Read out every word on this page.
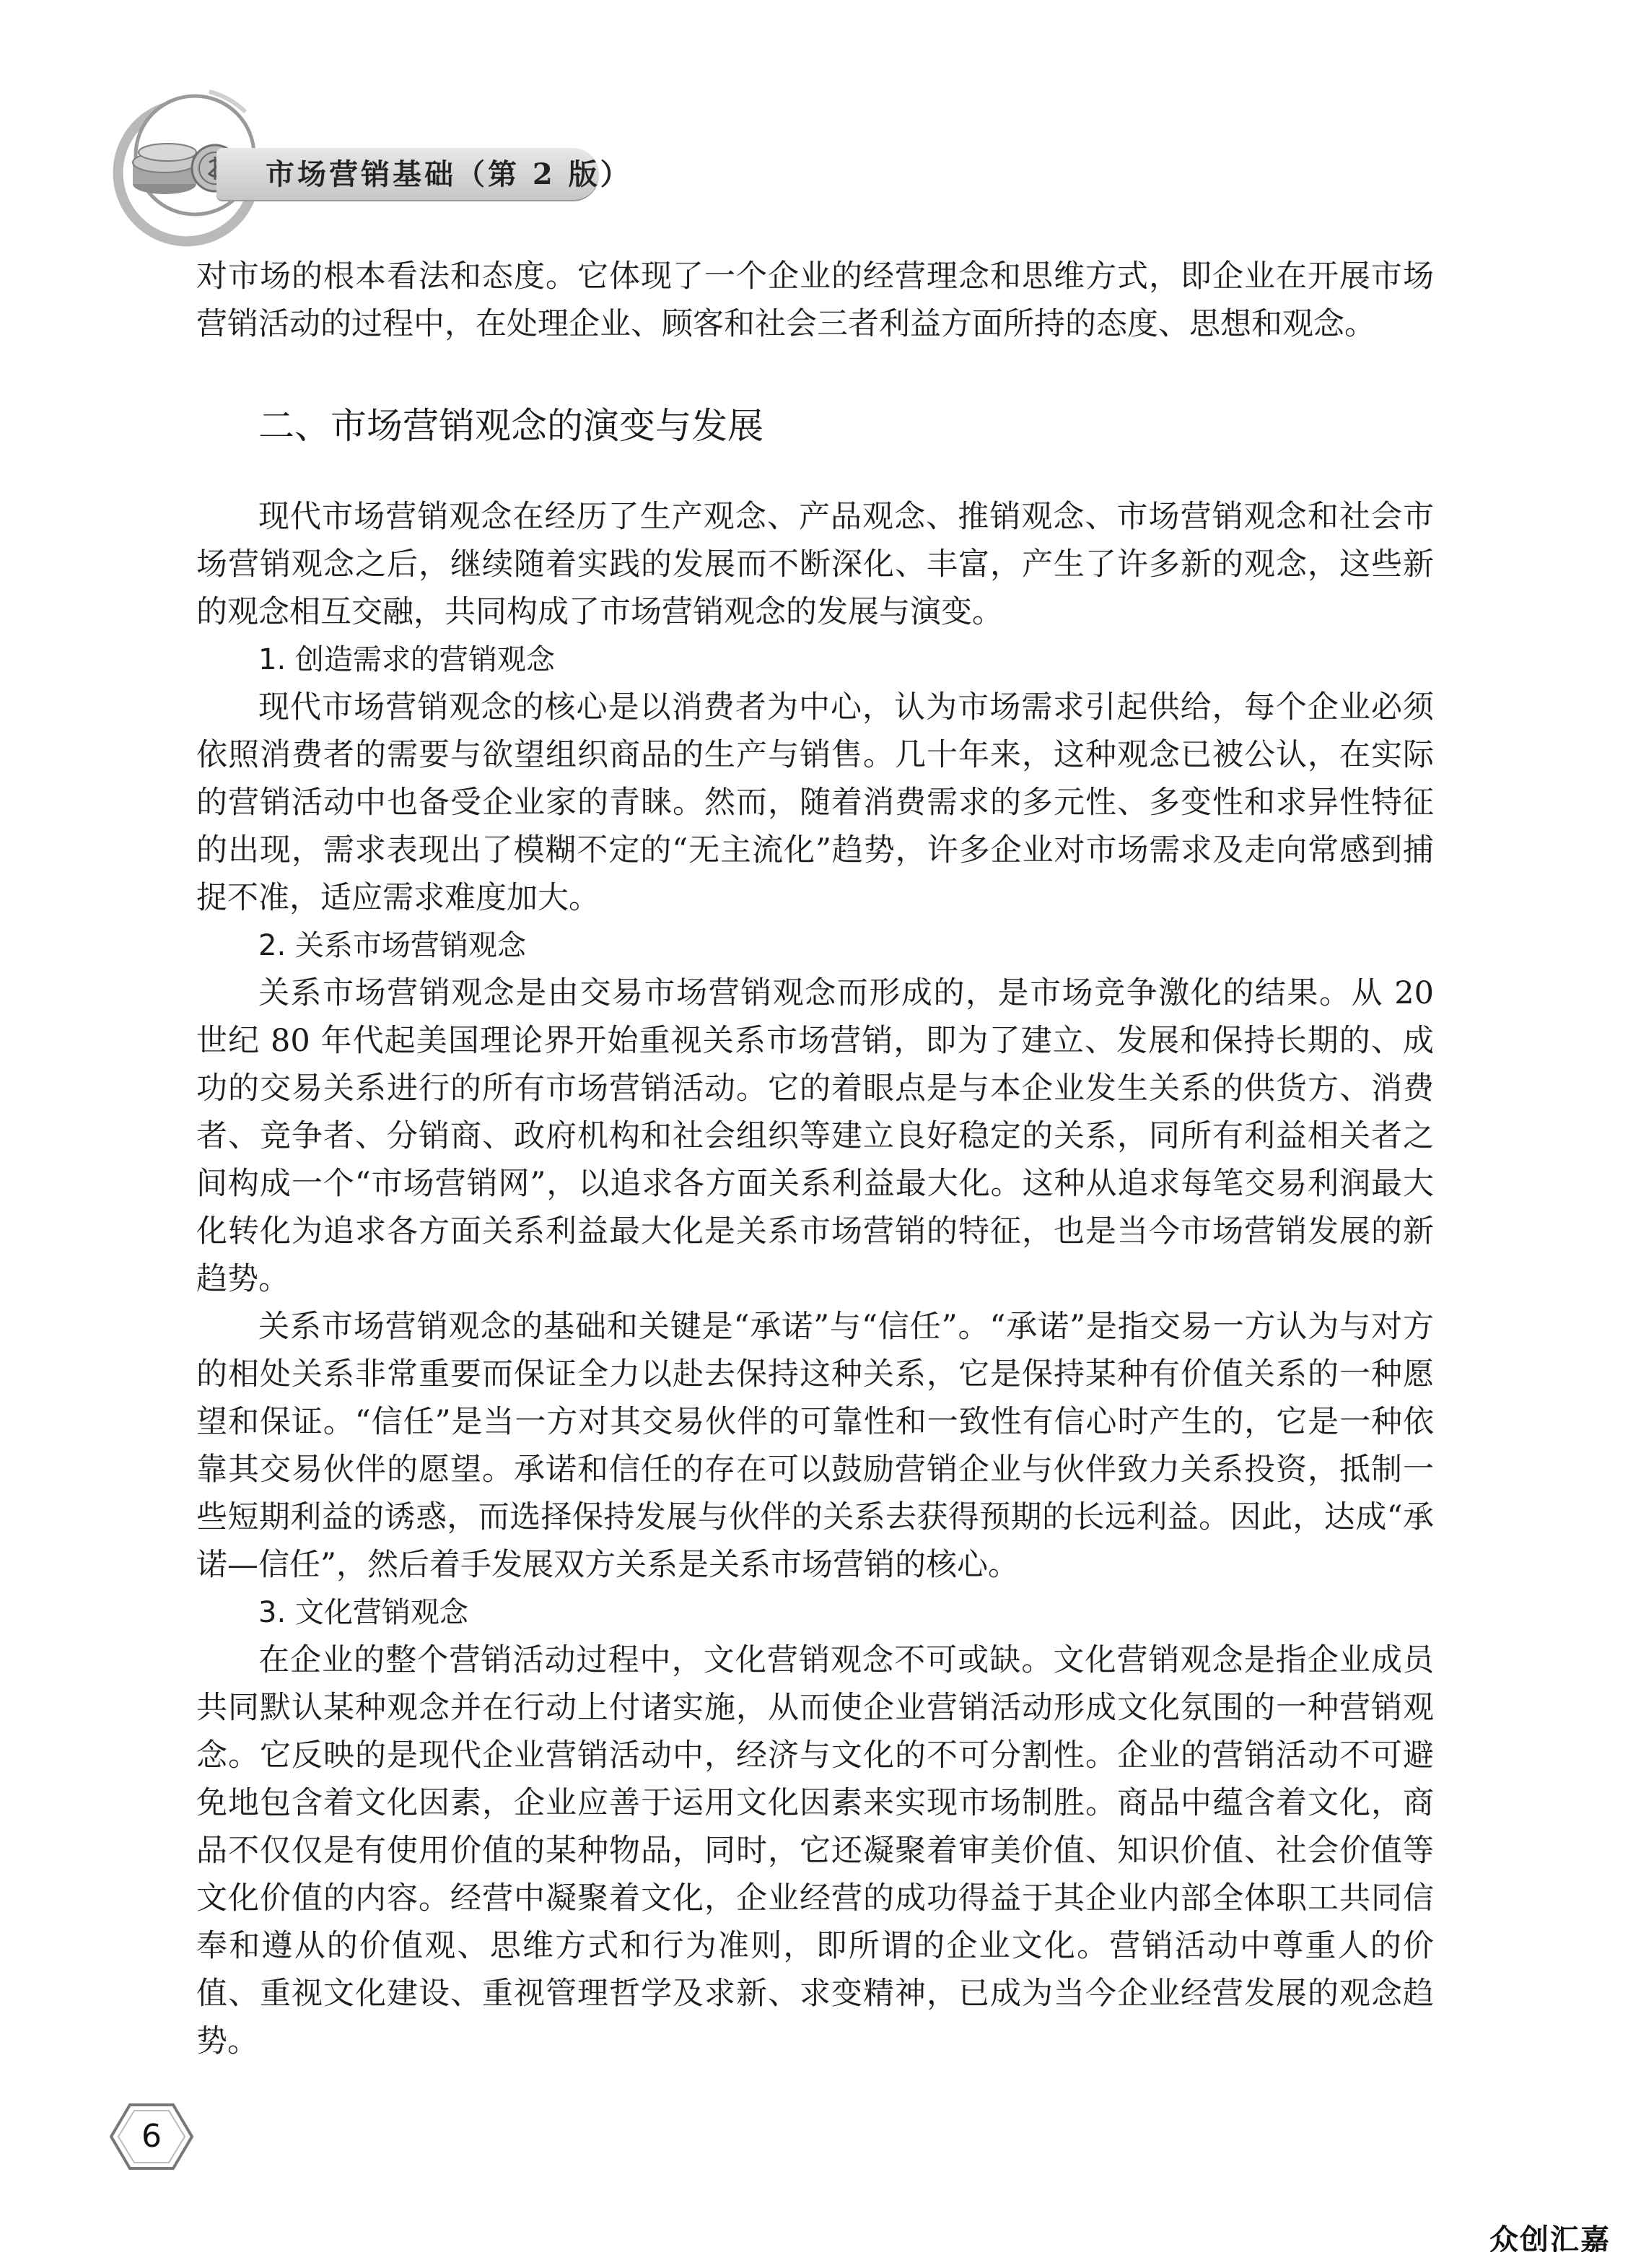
市场营销基础（第 2 版）

对市场的根本看法和态度。它体现了一个企业的经营理念和思维方式，即企业在开展市场营销活动的过程中，在处理企业、顾客和社会三者利益方面所持的态度、思想和观念。

二、市场营销观念的演变与发展

现代市场营销观念在经历了生产观念、产品观念、推销观念、市场营销观念和社会市场营销观念之后，继续随着实践的发展而不断深化、丰富，产生了许多新的观念，这些新的观念相互交融，共同构成了市场营销观念的发展与演变。

1. 创造需求的营销观念

现代市场营销观念的核心是以消费者为中心，认为市场需求引起供给，每个企业必须依照消费者的需要与欲望组织商品的生产与销售。几十年来，这种观念已被公认，在实际的营销活动中也备受企业家的青睐。然而，随着消费需求的多元性、多变性和求异性特征的出现，需求表现出了模糊不定的“无主流化”趋势，许多企业对市场需求及走向常感到捕捉不准，适应需求难度加大。

2. 关系市场营销观念

关系市场营销观念是由交易市场营销观念而形成的，是市场竞争激化的结果。从 20 世纪 80 年代起美国理论界开始重视关系市场营销，即为了建立、发展和保持长期的、成功的交易关系进行的所有市场营销活动。它的着眼点是与本企业发生关系的供货方、消费者、竞争者、分销商、政府机构和社会组织等建立良好稳定的关系，同所有利益相关者之间构成一个“市场营销网”，以追求各方面关系利益最大化。这种从追求每笔交易利润最大化转化为追求各方面关系利益最大化是关系市场营销的特征，也是当今市场营销发展的新趋势。

关系市场营销观念的基础和关键是“承诺”与“信任”。“承诺”是指交易一方认为与对方的相处关系非常重要而保证全力以赴去保持这种关系，它是保持某种有价值关系的一种愿望和保证。“信任”是当一方对其交易伙伴的可靠性和一致性有信心时产生的，它是一种依靠其交易伙伴的愿望。承诺和信任的存在可以鼓励营销企业与伙伴致力关系投资，抵制一些短期利益的诱惑，而选择保持发展与伙伴的关系去获得预期的长远利益。因此，达成“承诺—信任”，然后着手发展双方关系是关系市场营销的核心。

3. 文化营销观念

在企业的整个营销活动过程中，文化营销观念不可或缺。文化营销观念是指企业成员共同默认某种观念并在行动上付诸实施，从而使企业营销活动形成文化氛围的一种营销观念。它反映的是现代企业营销活动中，经济与文化的不可分割性。企业的营销活动不可避免地包含着文化因素，企业应善于运用文化因素来实现市场制胜。商品中蕴含着文化，商品不仅仅是有使用价值的某种物品，同时，它还凝聚着审美价值、知识价值、社会价值等文化价值的内容。经营中凝聚着文化，企业经营的成功得益于其企业内部全体职工共同信奉和遵从的价值观、思维方式和行为准则，即所谓的企业文化。营销活动中尊重人的价值、重视文化建设、重视管理哲学及求新、求变精神，已成为当今企业经营发展的观念趋势。

6
众创汇嘉
